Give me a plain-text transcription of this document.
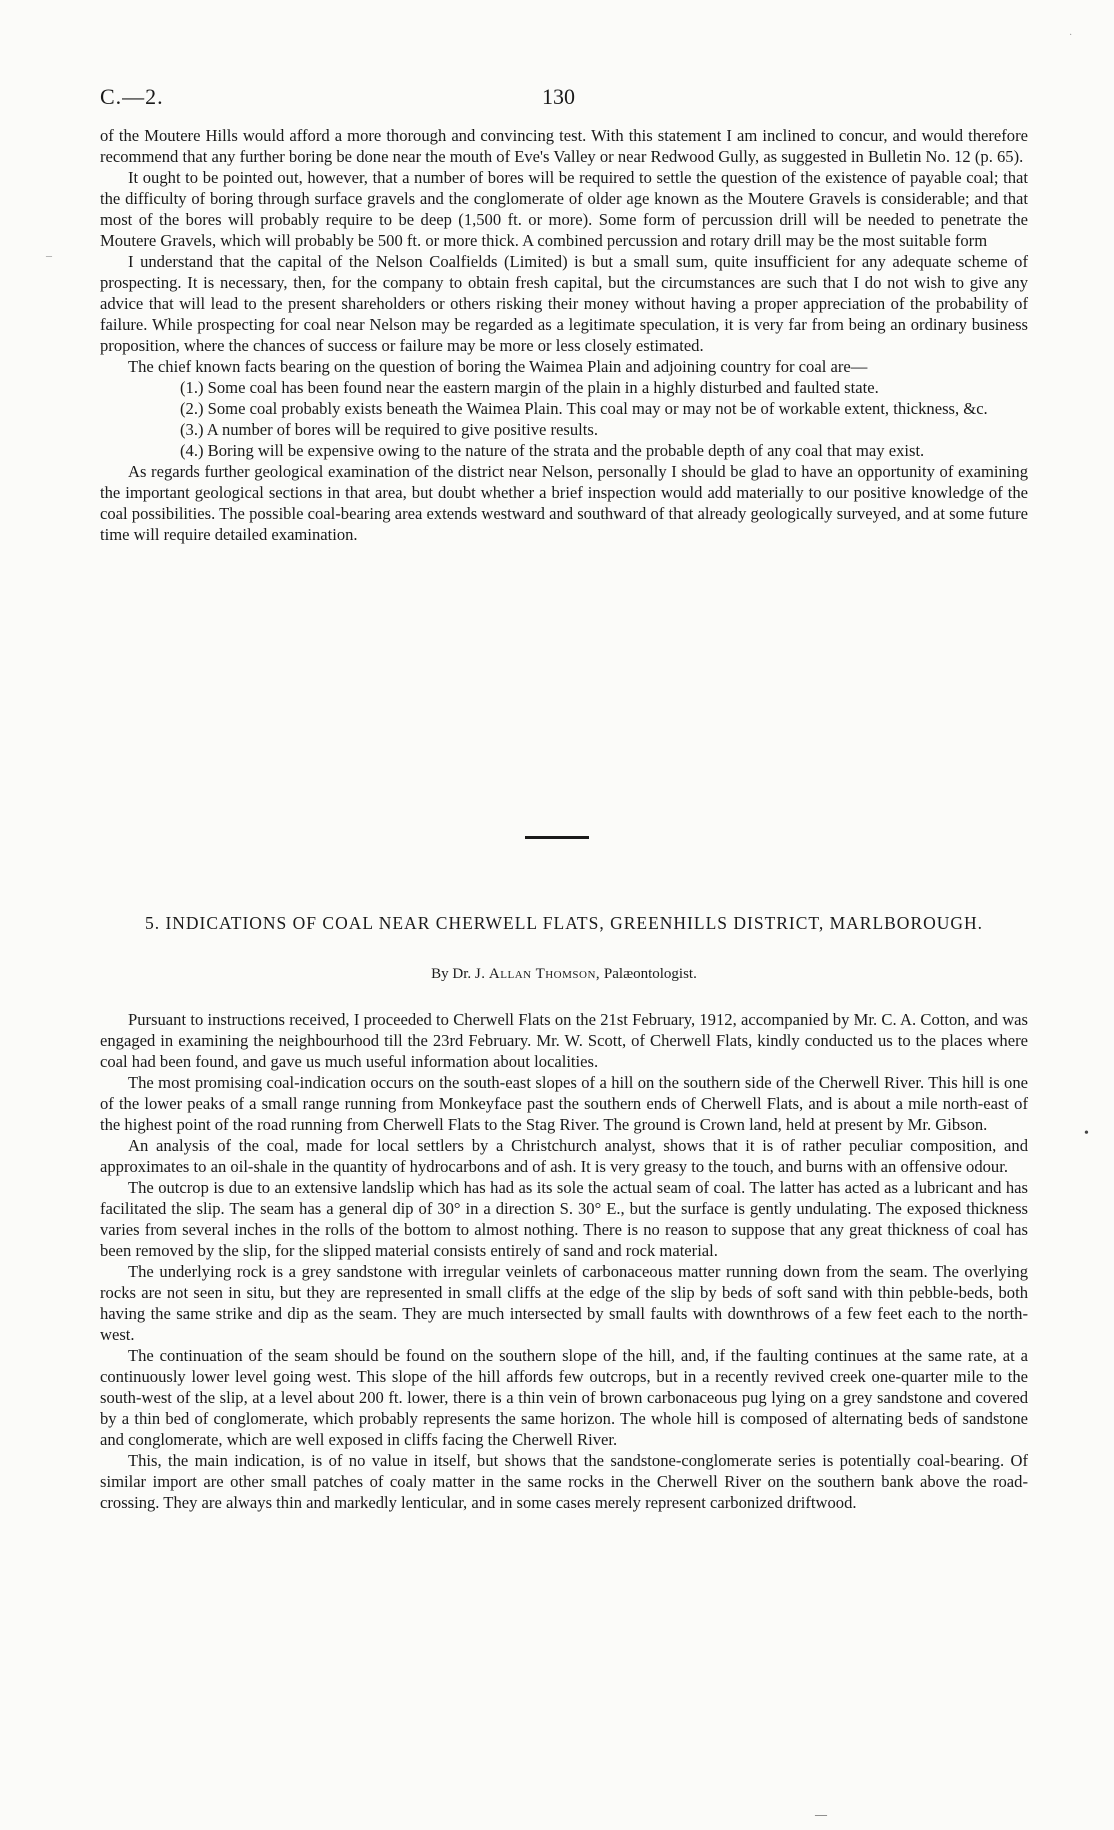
·
C.—2.	130
–

of the Moutere Hills would afford a more thorough and convincing test. With this statement I am inclined to concur, and would therefore recommend that any further boring be done near the mouth of Eve's Valley or near Redwood Gully, as suggested in Bulletin No. 12 (p. 65).

It ought to be pointed out, however, that a number of bores will be required to settle the question of the existence of payable coal; that the difficulty of boring through surface gravels and the conglomerate of older age known as the Moutere Gravels is considerable; and that most of the bores will probably require to be deep (1,500 ft. or more). Some form of percussion drill will be needed to penetrate the Moutere Gravels, which will probably be 500 ft. or more thick. A combined percussion and rotary drill may be the most suitable form

I understand that the capital of the Nelson Coalfields (Limited) is but a small sum, quite insufficient for any adequate scheme of prospecting. It is necessary, then, for the company to obtain fresh capital, but the circumstances are such that I do not wish to give any advice that will lead to the present shareholders or others risking their money without having a proper appreciation of the probability of failure. While prospecting for coal near Nelson may be regarded as a legitimate speculation, it is very far from being an ordinary business proposition, where the chances of success or failure may be more or less closely estimated.

The chief known facts bearing on the question of boring the Waimea Plain and adjoining country for coal are—

(1.) Some coal has been found near the eastern margin of the plain in a highly disturbed and faulted state.
(2.) Some coal probably exists beneath the Waimea Plain. This coal may or may not be of workable extent, thickness, &c.
(3.) A number of bores will be required to give positive results.
(4.) Boring will be expensive owing to the nature of the strata and the probable depth of any coal that may exist.

As regards further geological examination of the district near Nelson, personally I should be glad to have an opportunity of examining the important geological sections in that area, but doubt whether a brief inspection would add materially to our positive knowledge of the coal possibilities. The possible coal-bearing area extends westward and southward of that already geologically surveyed, and at some future time will require detailed examination.

5. INDICATIONS OF COAL NEAR CHERWELL FLATS, GREENHILLS DISTRICT, MARLBOROUGH.
By Dr. J. Allan Thomson, Palæontologist.

Pursuant to instructions received, I proceeded to Cherwell Flats on the 21st February, 1912, accompanied by Mr. C. A. Cotton, and was engaged in examining the neighbourhood till the 23rd February. Mr. W. Scott, of Cherwell Flats, kindly conducted us to the places where coal had been found, and gave us much useful information about localities.

The most promising coal-indication occurs on the south-east slopes of a hill on the southern side of the Cherwell River. This hill is one of the lower peaks of a small range running from Monkeyface past the southern ends of Cherwell Flats, and is about a mile north-east of the highest point of the road running from Cherwell Flats to the Stag River. The ground is Crown land, held at present by Mr. Gibson.

An analysis of the coal, made for local settlers by a Christchurch analyst, shows that it is of rather peculiar composition, and approximates to an oil-shale in the quantity of hydrocarbons and of ash. It is very greasy to the touch, and burns with an offensive odour.

The outcrop is due to an extensive landslip which has had as its sole the actual seam of coal. The latter has acted as a lubricant and has facilitated the slip. The seam has a general dip of 30° in a direction S. 30° E., but the surface is gently undulating. The exposed thickness varies from several inches in the rolls of the bottom to almost nothing. There is no reason to suppose that any great thickness of coal has been removed by the slip, for the slipped material consists entirely of sand and rock material.

The underlying rock is a grey sandstone with irregular veinlets of carbonaceous matter running down from the seam. The overlying rocks are not seen in situ, but they are represented in small cliffs at the edge of the slip by beds of soft sand with thin pebble-beds, both having the same strike and dip as the seam. They are much intersected by small faults with downthrows of a few feet each to the north-west.

The continuation of the seam should be found on the southern slope of the hill, and, if the faulting continues at the same rate, at a continuously lower level going west. This slope of the hill affords few outcrops, but in a recently revived creek one-quarter mile to the south-west of the slip, at a level about 200 ft. lower, there is a thin vein of brown carbonaceous pug lying on a grey sandstone and covered by a thin bed of conglomerate, which probably represents the same horizon. The whole hill is composed of alternating beds of sandstone and conglomerate, which are well exposed in cliffs facing the Cherwell River.

This, the main indication, is of no value in itself, but shows that the sandstone-conglomerate series is potentially coal-bearing. Of similar import are other small patches of coaly matter in the same rocks in the Cherwell River on the southern bank above the road-crossing. They are always thin and markedly lenticular, and in some cases merely represent carbonized driftwood.

•
—
